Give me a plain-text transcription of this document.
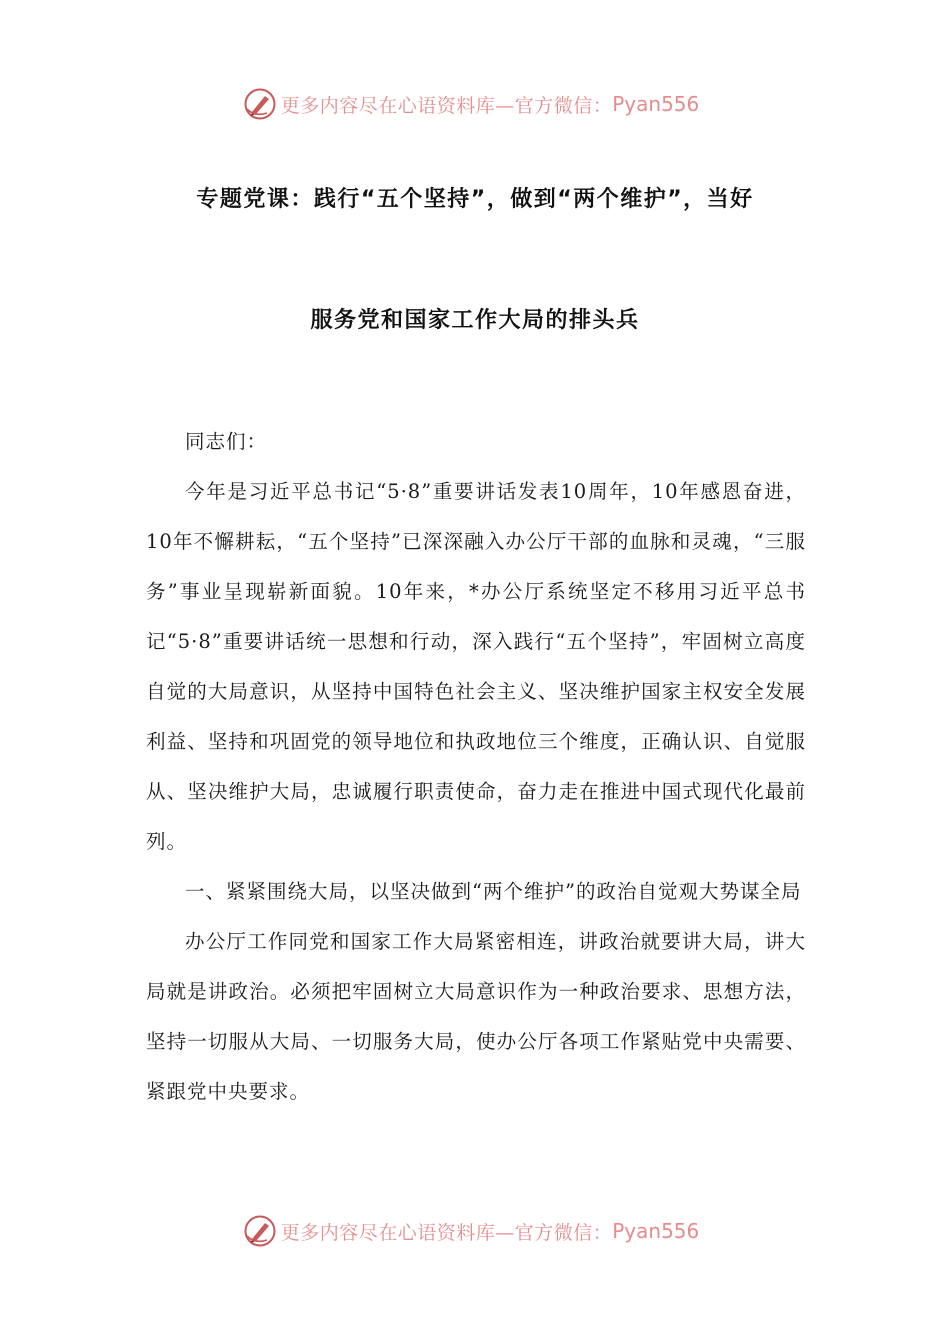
更多内容尽在心语资料库—官方微信： Pyan556
专题党课：践行“五个坚持”，做到“两个维护”，当好
服务党和国家工作大局的排头兵

同志们：

今年是习近平总书记“5·8”重要讲话发表10周年，10年感恩奋进，10年不懈耕耘，“五个坚持”已深深融入办公厅干部的血脉和灵魂，“三服务”事业呈现崭新面貌。10年来，*办公厅系统坚定不移用习近平总书记“5·8”重要讲话统一思想和行动，深入践行“五个坚持”，牢固树立高度自觉的大局意识，从坚持中国特色社会主义、坚决维护国家主权安全发展利益、坚持和巩固党的领导地位和执政地位三个维度，正确认识、自觉服从、坚决维护大局，忠诚履行职责使命，奋力走在推进中国式现代化最前列。

一、紧紧围绕大局，以坚决做到“两个维护”的政治自觉观大势谋全局

办公厅工作同党和国家工作大局紧密相连，讲政治就要讲大局，讲大局就是讲政治。必须把牢固树立大局意识作为一种政治要求、思想方法，坚持一切服从大局、一切服务大局，使办公厅各项工作紧贴党中央需要、紧跟党中央要求。

更多内容尽在心语资料库—官方微信： Pyan556
